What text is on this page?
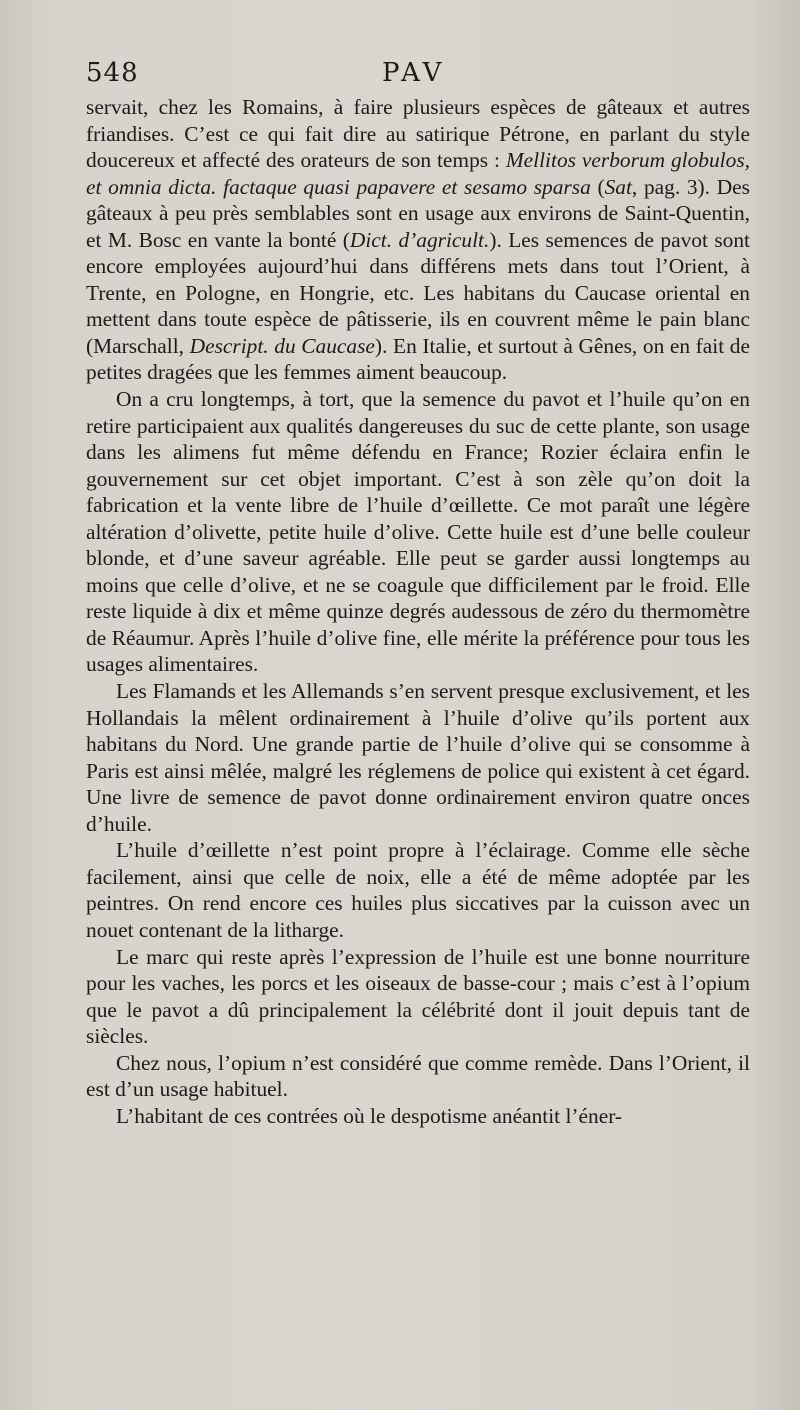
548	PAV

servait, chez les Romains, à faire plusieurs espèces de gâteaux et autres friandises. C’est ce qui fait dire au satirique Pétrone, en parlant du style doucereux et affecté des orateurs de son temps : Mellitos verborum globulos, et omnia dicta. factaque quasi papavere et sesamo sparsa (Sat, pag. 3). Des gâteaux à peu près semblables sont en usage aux environs de Saint-Quentin, et M. Bosc en vante la bonté (Dict. d’agricult.). Les semences de pavot sont encore employées aujourd’hui dans différens mets dans tout l’Orient, à Trente, en Pologne, en Hongrie, etc. Les habitans du Caucase oriental en mettent dans toute espèce de pâtisserie, ils en couvrent même le pain blanc (Marschall, Descript. du Caucase). En Italie, et surtout à Gênes, on en fait de petites dragées que les femmes aiment beaucoup.

On a cru longtemps, à tort, que la semence du pavot et l’huile qu’on en retire participaient aux qualités dangereuses du suc de cette plante, son usage dans les alimens fut même défendu en France; Rozier éclaira enfin le gouvernement sur cet objet important. C’est à son zèle qu’on doit la fabrication et la vente libre de l’huile d’œillette. Ce mot paraît une légère altération d’olivette, petite huile d’olive. Cette huile est d’une belle couleur blonde, et d’une saveur agréable. Elle peut se garder aussi longtemps au moins que celle d’olive, et ne se coagule que difficilement par le froid. Elle reste liquide à dix et même quinze degrés audessous de zéro du thermomètre de Réaumur. Après l’huile d’olive fine, elle mérite la préférence pour tous les usages alimentaires.

Les Flamands et les Allemands s’en servent presque exclusivement, et les Hollandais la mêlent ordinairement à l’huile d’olive qu’ils portent aux habitans du Nord. Une grande partie de l’huile d’olive qui se consomme à Paris est ainsi mêlée, malgré les réglemens de police qui existent à cet égard. Une livre de semence de pavot donne ordinairement environ quatre onces d’huile.

L’huile d’œillette n’est point propre à l’éclairage. Comme elle sèche facilement, ainsi que celle de noix, elle a été de même adoptée par les peintres. On rend encore ces huiles plus siccatives par la cuisson avec un nouet contenant de la litharge.

Le marc qui reste après l’expression de l’huile est une bonne nourriture pour les vaches, les porcs et les oiseaux de basse-cour ; mais c’est à l’opium que le pavot a dû principalement la célébrité dont il jouit depuis tant de siècles.

Chez nous, l’opium n’est considéré que comme remède. Dans l’Orient, il est d’un usage habituel.

L’habitant de ces contrées où le despotisme anéantit l’éner-
